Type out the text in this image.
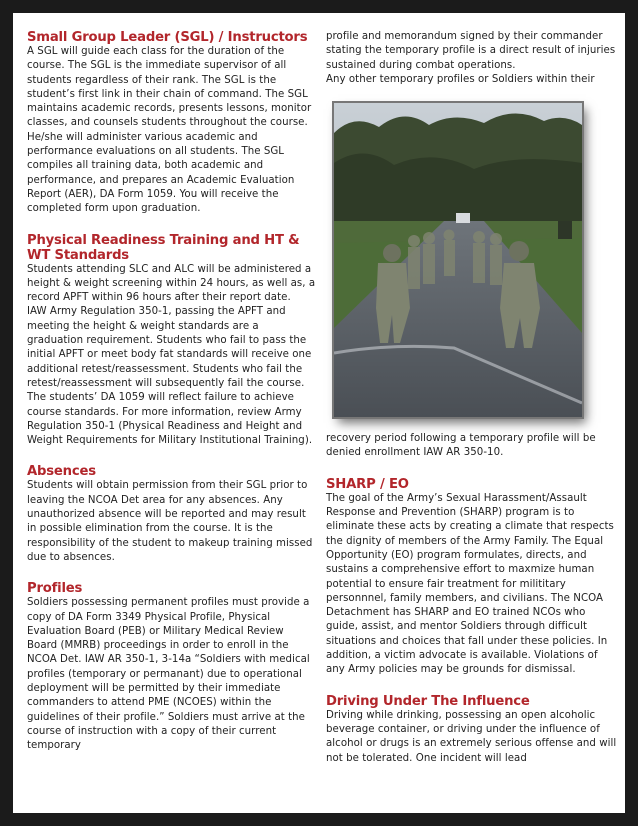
Small Group Leader (SGL) / Instructors

A SGL will guide each class for the duration of the course. The SGL is the immediate supervisor of all students regardless of their rank. The SGL is the student’s first link in their chain of command. The SGL maintains academic records, presents lessons, monitor classes, and counsels students throughout the course. He/she will administer various academic and performance evaluations on all students. The SGL compiles all training data, both academic and performance, and prepares an Academic Evaluation Report (AER), DA Form 1059. You will receive the completed form upon graduation.

Physical Readiness Training and HT & WT Standards

Students attending SLC and ALC will be administered a height & weight screening within 24 hours, as well as, a record APFT within 96 hours after their report date.
IAW Army Regulation 350-1, passing the APFT and meeting the height & weight standards are a graduation requirement. Students who fail to pass the initial APFT or meet body fat standards will receive one additional retest/reassessment. Students who fail the retest/reassessment will subsequently fail the course. The students’ DA 1059 will reflect failure to achieve course standards. For more information, review Army Regulation 350-1 (Physical Readiness and Height and Weight Requirements for Military Institutional Training).

Absences

Students will obtain permission from their SGL prior to leaving the NCOA Det area for any absences. Any unauthorized absence will be reported and may result in possible elimination from the course. It is the responsibility of the student to makeup training missed due to absences.

Profiles

Soldiers possessing permanent profiles must provide a copy of DA Form 3349 Physical Profile, Physical Evaluation Board (PEB) or Military Medical Review Board (MMRB) proceedings in order to enroll in the NCOA Det. IAW AR 350-1, 3-14a “Soldiers with medical profiles (temporary or permanant) due to operational deployment will be permitted by their immediate commanders to attend PME (NCOES) within the guidelines of their profile.” Soldiers must arrive at the course of instruction with a copy of their current temporary

profile and memorandum signed by their commander stating the temporary profile is a direct result of injuries sustained during combat operations.
Any other temporary profiles or Soldiers within their

recovery period following a temporary profile will be denied enrollment IAW AR 350-10.

SHARP / EO

The goal of the Army’s Sexual Harassment/Assault Response and Prevention (SHARP) program is to eliminate these acts by creating a climate that respects the dignity of members of the Army Family. The Equal Opportunity (EO) program formulates, directs, and sustains a comprehensive effort to maxmize human potential to ensure fair treatment for milititary personnnel, family members, and civilians. The NCOA Detachment has SHARP and EO trained NCOs who guide, assist, and mentor Soldiers through difficult situations and choices that fall under these policies. In addition, a victim advocate is available. Violations of any Army policies may be grounds for dismissal.

Driving Under The Influence

Driving while drinking, possessing an open alcoholic beverage container, or driving under the influence of alcohol or drugs is an extremely serious offense and will not be tolerated. One incident will lead
